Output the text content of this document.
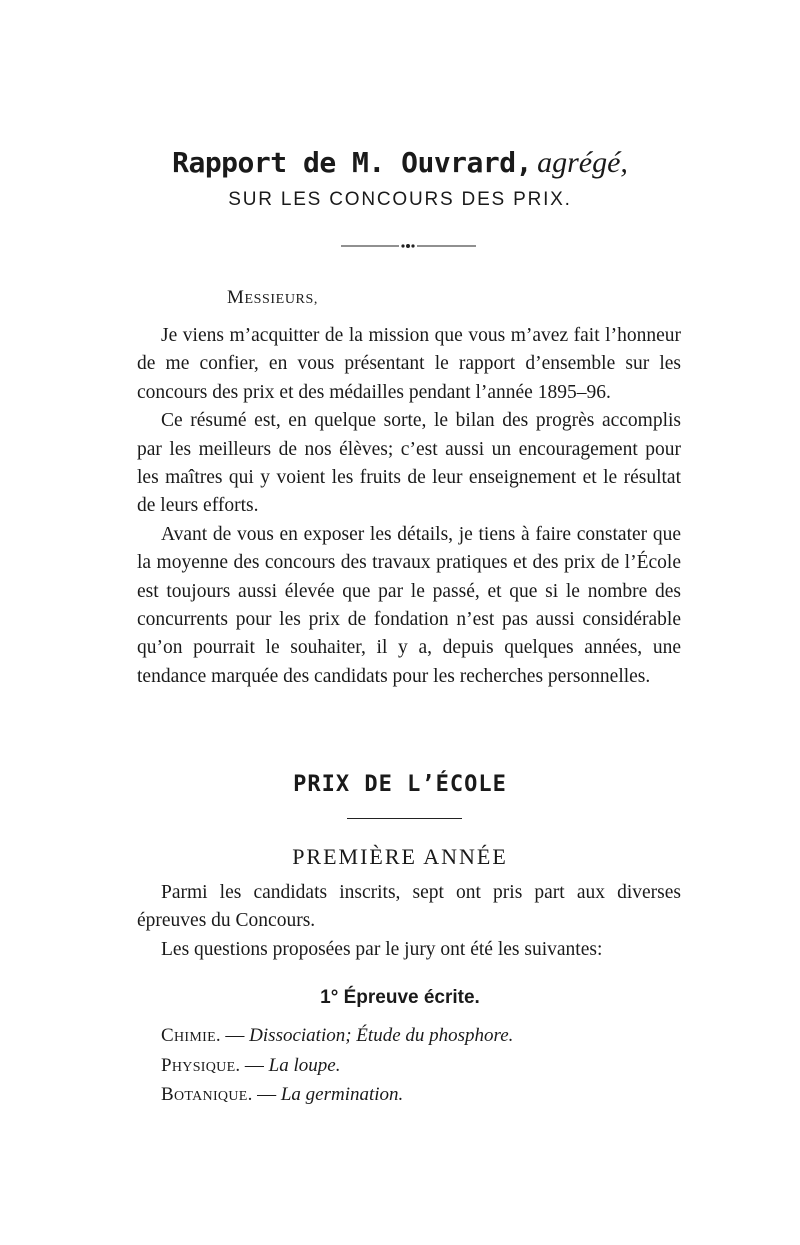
Rapport de M. Ouvrard, agrégé,
SUR LES CONCOURS DES PRIX.
MESSIEURS,

Je viens m’acquitter de la mission que vous m’avez fait l’honneur de me confier, en vous présentant le rapport d’ensemble sur les concours des prix et des médailles pendant l’année 1895–96.

Ce résumé est, en quelque sorte, le bilan des progrès accomplis par les meilleurs de nos élèves; c’est aussi un encouragement pour les maîtres qui y voient les fruits de leur enseignement et le résultat de leurs efforts.

Avant de vous en exposer les détails, je tiens à faire constater que la moyenne des concours des travaux pratiques et des prix de l’École est toujours aussi élevée que par le passé, et que si le nombre des concurrents pour les prix de fondation n’est pas aussi considérable qu’on pourrait le souhaiter, il y a, depuis quelques années, une tendance marquée des candidats pour les recherches personnelles.

PRIX DE L’ÉCOLE
PREMIÈRE ANNÉE

Parmi les candidats inscrits, sept ont pris part aux diverses épreuves du Concours.

Les questions proposées par le jury ont été les suivantes:

1° Épreuve écrite.
CHIMIE. — Dissociation; Étude du phosphore.
PHYSIQUE. — La loupe.
BOTANIQUE. — La germination.
